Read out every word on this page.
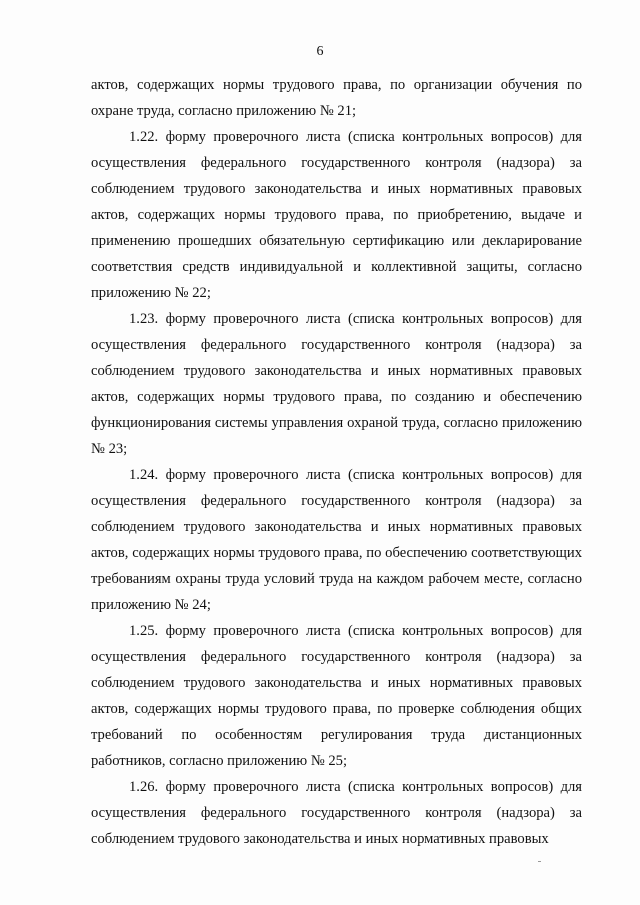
6

актов, содержащих нормы трудового права, по организации обучения по охране труда, согласно приложению № 21;

1.22. форму проверочного листа (списка контрольных вопросов) для осуществления федерального государственного контроля (надзора) за соблюдением трудового законодательства и иных нормативных правовых актов, содержащих нормы трудового права, по приобретению, выдаче и применению прошедших обязательную сертификацию или декларирование соответствия средств индивидуальной и коллективной защиты, согласно приложению № 22;

1.23. форму проверочного листа (списка контрольных вопросов) для осуществления федерального государственного контроля (надзора) за соблюдением трудового законодательства и иных нормативных правовых актов, содержащих нормы трудового права, по созданию и обеспечению функционирования системы управления охраной труда, согласно приложению № 23;

1.24. форму проверочного листа (списка контрольных вопросов) для осуществления федерального государственного контроля (надзора) за соблюдением трудового законодательства и иных нормативных правовых актов, содержащих нормы трудового права, по обеспечению соответствующих требованиям охраны труда условий труда на каждом рабочем месте, согласно приложению № 24;

1.25. форму проверочного листа (списка контрольных вопросов) для осуществления федерального государственного контроля (надзора) за соблюдением трудового законодательства и иных нормативных правовых актов, содержащих нормы трудового права, по проверке соблюдения общих требований по особенностям регулирования труда дистанционных работников, согласно приложению № 25;

1.26. форму проверочного листа (списка контрольных вопросов) для осуществления федерального государственного контроля (надзора) за соблюдением трудового законодательства и иных нормативных правовых
